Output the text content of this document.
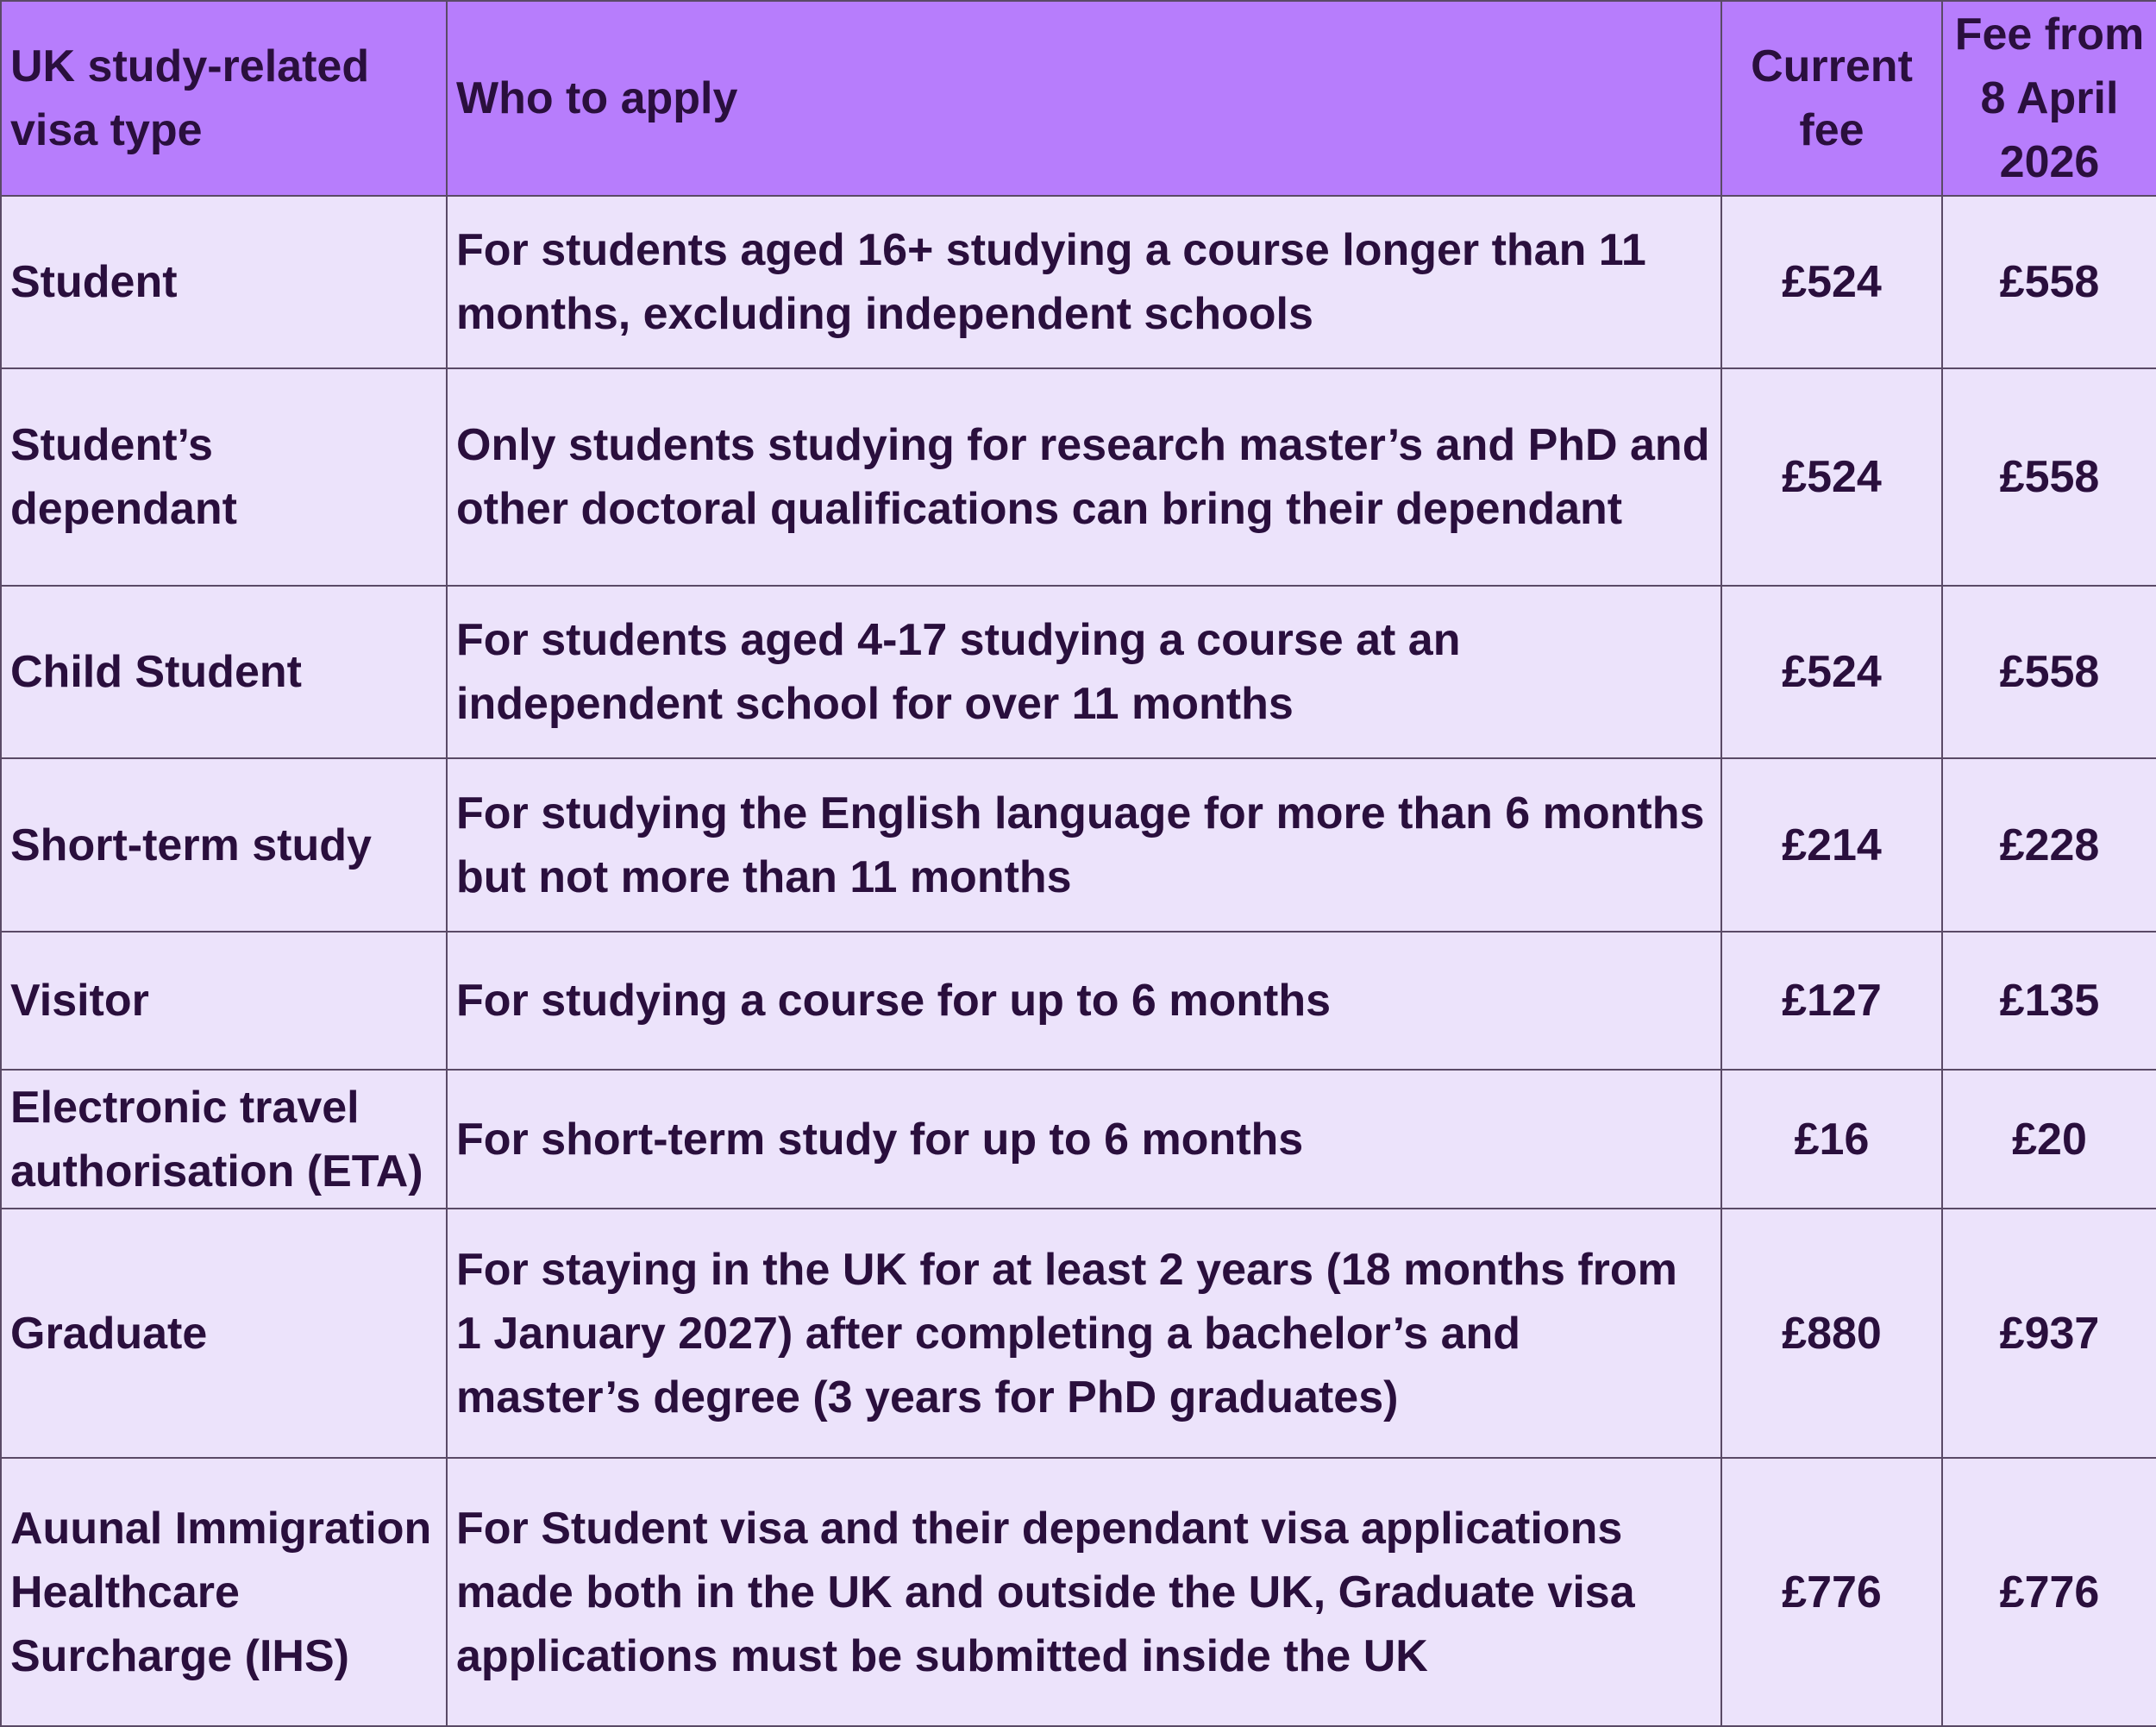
UK study-related visa type	Who to apply	Current fee	Fee from 8 April 2026
Student	For students aged 16+ studying a course longer than 11 months, excluding independent schools	£524	£558
Student’s dependant	Only students studying for research master’s and PhD and other doctoral qualifications can bring their dependant	£524	£558
Child Student	For students aged 4-17 studying a course at an independent school for over 11 months	£524	£558
Short-term study	For studying the English language for more than 6 months but not more than 11 months	£214	£228
Visitor	For studying a course for up to 6 months	£127	£135
Electronic travel authorisation (ETA)	For short-term study for up to 6 months	£16	£20
Graduate	For staying in the UK for at least 2 years (18 months from 1 January 2027) after completing a bachelor’s and master’s degree (3 years for PhD graduates)	£880	£937
Auunal Immigration Healthcare Surcharge (IHS)	For Student visa and their dependant visa applications made both in the UK and outside the UK, Graduate visa applications must be submitted inside the UK	£776	£776
